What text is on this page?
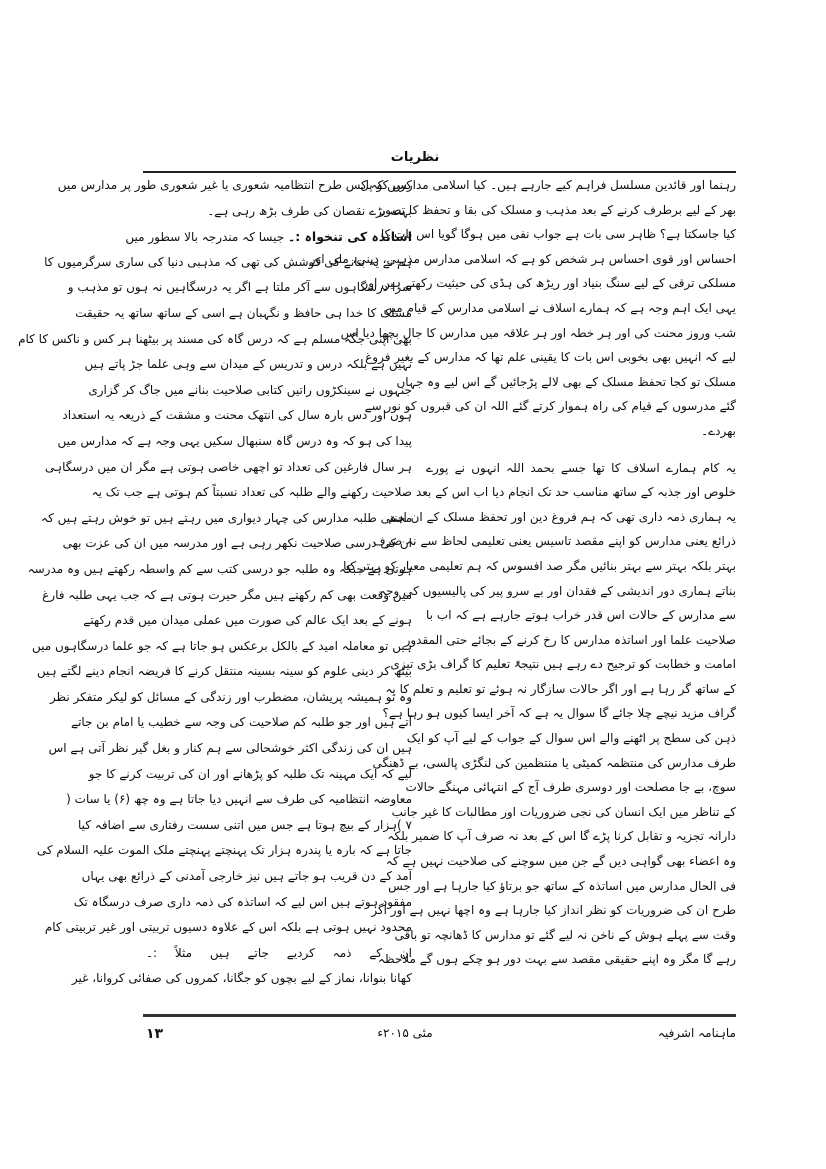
نظریات
رہنما اور قائدین مسلسل فراہم کیے جارہے ہیں۔ کیا اسلامی مدارس کو پل
بھر کے لیے برطرف کرنے کے بعد مذہب و مسلک کی بقا و تحفظ کا تصور
کیا جاسکتا ہے؟ ظاہر سی بات ہے جواب نفی میں ہوگا گویا اس بات کا
احساس اور قوی احساس ہر شخص کو ہے کہ اسلامی مدارس مذہبی، دینی، ملی اور
مسلکی ترقی کے لیے سنگ بنیاد اور ریڑھ کی ہڈی کی حیثیت رکھتے ہیں اور
یہی ایک اہم وجہ ہے کہ ہمارے اسلاف نے اسلامی مدارس کے قیام میں
شب وروز محنت کی اور ہر خطہ اور ہر علاقہ میں مدارس کا جال بچھا دیا اس
لیے کہ انہیں بھی بخوبی اس بات کا یقینی علم تھا کہ مدارس کے بغیر فروغ
مسلک تو کجا تحفظ مسلک کے بھی لالے پڑجائیں گے اس لیے وہ جہاں
گئے مدرسوں کے قیام کی راہ ہموار کرتے گئے اللہ ان کی قبروں کو نور سے
بھردے۔
یہ کام ہمارے اسلاف کا تھا جسے بحمد اللہ انہوں نے پورے
خلوص اور جذبہ کے ساتھ مناسب حد تک انجام دیا اب اس کے بعد
یہ ہماری ذمہ داری تھی کہ ہم فروغ دین اور تحفظ مسلک کے ان اہم
ذرائع یعنی مدارس کو اپنے مقصد تاسیس یعنی تعلیمی لحاظ سے نہ صرف
بہتر بلکہ بہتر سے بہتر بنائیں مگر صد افسوس کہ ہم تعلیمی معیار کو بہتر کیا
بناتے ہماری دور اندیشی کے فقدان اور بے سرو پیر کی پالیسیوں کی وجہ
سے مدارس کے حالات اس قدر خراب ہوتے جارہے ہے کہ اب با
صلاحیت علما اور اساتذہ مدارس کا رخ کرنے کے بجائے حتی المقدور
امامت و خطابت کو ترجیح دے رہے ہیں نتیجۃً تعلیم کا گراف بڑی تیزی
کے ساتھ گر رہا ہے اور اگر حالات سازگار نہ ہوئے تو تعلیم و تعلم کا یہ
گراف مزید نیچے چلا جائے گا سوال یہ ہے کہ آخر ایسا کیوں ہو رہا ہے؟
ذہن کی سطح پر اٹھنے والے اس سوال کے جواب کے لیے آپ کو ایک
طرف مدارس کی منتظمہ کمیٹی یا منتظمین کی لنگڑی پالسی، بے ڈھنگی
سوچ، بے جا مصلحت اور دوسری طرف آج کے انتہائی مہنگے حالات
کے تناظر میں ایک انسان کی نجی ضروریات اور مطالبات کا غیر جانب
دارانہ تجزیہ و تقابل کرنا پڑے گا اس کے بعد نہ صرف آپ کا ضمیر بلکہ
وہ اعضاء بھی گواہی دیں گے جن میں سوچنے کی صلاحیت نہیں ہے کہ
فی الحال مدارس میں اساتذہ کے ساتھ جو برتاؤ کیا جارہا ہے اور جس
طرح ان کی ضروریات کو نظر انداز کیا جارہا ہے وہ اچھا نہیں ہے اور اگر
وقت سے پہلے ہوش کے ناخن نہ لیے گئے تو مدارس کا ڈھانچہ تو باقی
رہے گا مگر وہ اپنے حقیقی مقصد سے بہت دور ہو چکے ہوں گے ملاحظہ
کریں کہ کس طرح انتظامیہ شعوری یا غیر شعوری طور پر مدارس میں
بہت بڑے نقصان کی طرف بڑھ رہی ہے۔
اساتذہ کی تنخواہ :۔ جیسا کہ مندرجہ بالا سطور میں
ہم نے یہ بتانے کی کوشش کی تھی کہ مذہبی دنیا کی ساری سرگرمیوں کا
سرا درسگاہوں سے آکر ملتا ہے اگر یہ درسگاہیں نہ ہوں تو مذہب و
مسلک کا خدا ہی حافظ و نگہبان ہے اسی کے ساتھ ساتھ یہ حقیقت
بھی اپنی جگہ مسلم ہے کہ درس گاہ کی مسند پر بیٹھنا ہر کس و ناکس کا کام
نہیں ہے بلکہ درس و تدریس کے میدان سے وہی علما جڑ پاتے ہیں
جنہوں نے سینکڑوں راتیں کتابی صلاحیت بنانے میں جاگ کر گزاری
ہوں اور دس بارہ سال کی انتھک محنت و مشقت کے ذریعہ یہ استعداد
پیدا کی ہو کہ وہ درس گاہ سنبھال سکیں یہی وجہ ہے کہ مدارس میں
ہر سال فارغین کی تعداد تو اچھی خاصی ہوتی ہے مگر ان میں درسگاہی
صلاحیت رکھنے والے طلبہ کی تعداد نسبتاً کم ہوتی ہے جب تک یہ
محنتی طلبہ مدارس کی چہار دیواری میں رہتے ہیں تو خوش رہتے ہیں کہ
ان کی درسی صلاحیت نکھر رہی ہے اور مدرسہ میں ان کی عزت بھی
ہوتی ہے جبکہ وہ طلبہ جو درسی کتب سے کم واسطہ رکھتے ہیں وہ مدرسہ
میں وقعت بھی کم رکھتے ہیں مگر حیرت ہوتی ہے کہ جب یہی طلبہ فارغ
ہونے کے بعد ایک عالم کی صورت میں عملی میدان میں قدم رکھتے
ہیں تو معاملہ امید کے بالکل برعکس ہو جاتا ہے کہ جو علما درسگاہوں میں
بیٹھ کر دینی علوم کو سینہ بسینہ منتقل کرنے کا فریضہ انجام دینے لگتے ہیں
وہ تو ہمیشہ پریشان، مضطرب اور زندگی کے مسائل کو لیکر متفکر نظر
آتے ہیں اور جو طلبہ کم صلاحیت کی وجہ سے خطیب یا امام بن جاتے
ہیں ان کی زندگی اکثر خوشحالی سے ہم کنار و بغل گیر نظر آتی ہے اس
لیے کہ ایک مہینہ تک طلبہ کو پڑھانے اور ان کی تربیت کرنے کا جو
معاوضہ انتظامیہ کی طرف سے انہیں دیا جاتا ہے وہ چھ (۶) یا سات (
۷ )ہزار کے بیچ ہوتا ہے جس میں اتنی سست رفتاری سے اضافہ کیا
جاتا ہے کہ بارہ یا پندرہ ہزار تک پہنچتے پہنچتے ملک الموت علیہ السلام کی
آمد کے دن قریب ہو جاتے ہیں نیز خارجی آمدنی کے ذرائع بھی یہاں
مفقود ہوتے ہیں اس لیے کہ اساتذہ کی ذمہ داری صرف درسگاہ تک
محدود نہیں ہوتی ہے بلکہ اس کے علاوہ دسیوں تربیتی اور غیر تربیتی کام
ان کے ذمہ کردیے جاتے ہیں مثلاً :۔
کھانا بنوانا، نماز کے لیے بچوں کو جگانا، کمروں کی صفائی کروانا، غیر
ماہنامہ اشرفیہ
مئی ۲۰۱۵ء
۱۳
